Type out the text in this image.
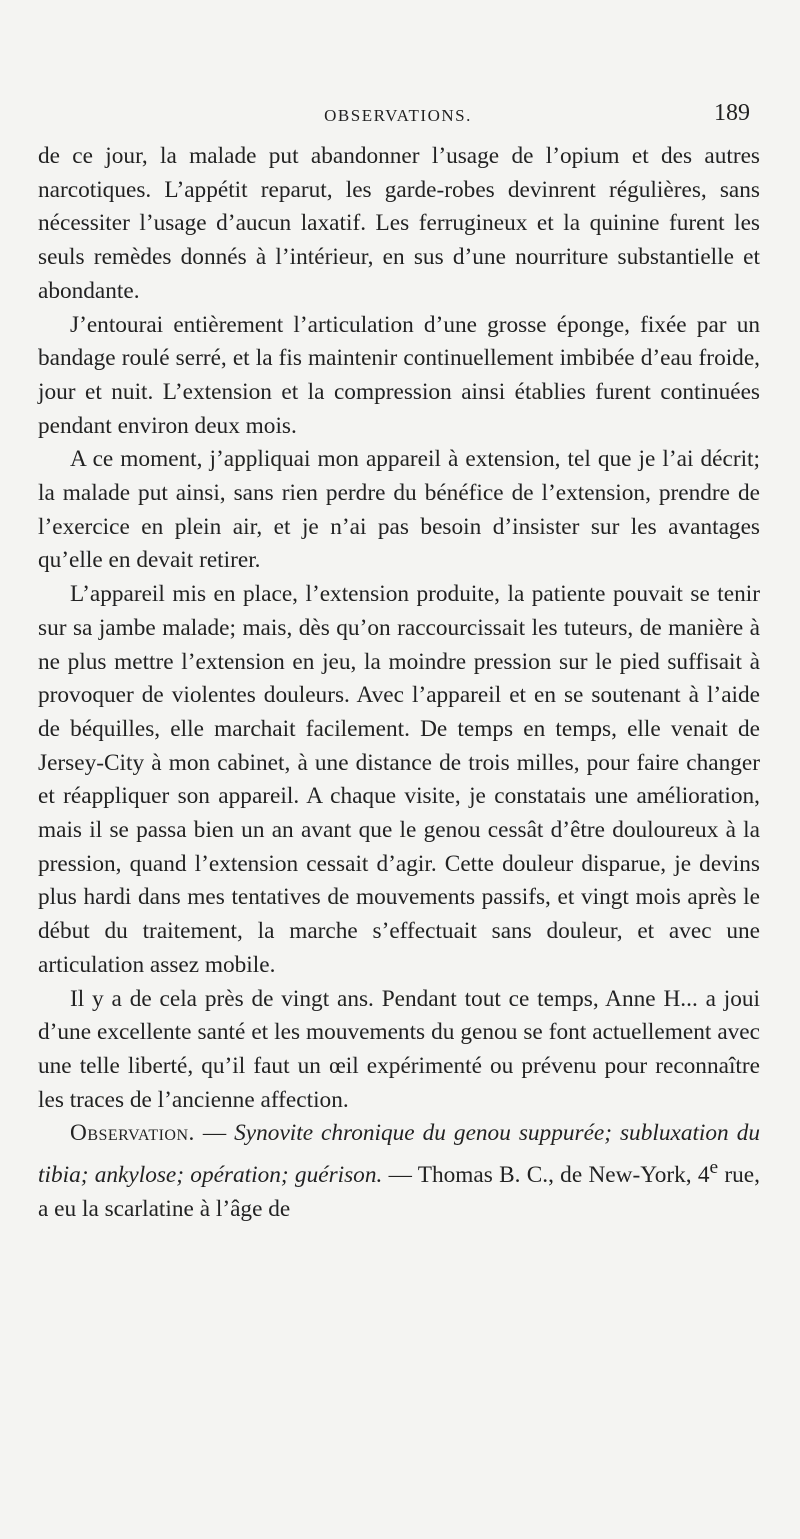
OBSERVATIONS.	189

de ce jour, la malade put abandonner l’usage de l’opium et des autres narcotiques. L’appétit reparut, les garde-robes devinrent régulières, sans nécessiter l’usage d’aucun laxatif. Les ferrugineux et la quinine furent les seuls remèdes donnés à l’intérieur, en sus d’une nourriture substantielle et abondante.

J’entourai entièrement l’articulation d’une grosse éponge, fixée par un bandage roulé serré, et la fis maintenir continuellement imbibée d’eau froide, jour et nuit. L’extension et la compression ainsi établies furent continuées pendant environ deux mois.

A ce moment, j’appliquai mon appareil à extension, tel que je l’ai décrit; la malade put ainsi, sans rien perdre du bénéfice de l’extension, prendre de l’exercice en plein air, et je n’ai pas besoin d’insister sur les avantages qu’elle en devait retirer.

L’appareil mis en place, l’extension produite, la patiente pouvait se tenir sur sa jambe malade; mais, dès qu’on raccourcissait les tuteurs, de manière à ne plus mettre l’extension en jeu, la moindre pression sur le pied suffisait à provoquer de violentes douleurs. Avec l’appareil et en se soutenant à l’aide de béquilles, elle marchait facilement. De temps en temps, elle venait de Jersey-City à mon cabinet, à une distance de trois milles, pour faire changer et réappliquer son appareil. A chaque visite, je constatais une amélioration, mais il se passa bien un an avant que le genou cessât d’être douloureux à la pression, quand l’extension cessait d’agir. Cette douleur disparue, je devins plus hardi dans mes tentatives de mouvements passifs, et vingt mois après le début du traitement, la marche s’effectuait sans douleur, et avec une articulation assez mobile.

Il y a de cela près de vingt ans. Pendant tout ce temps, Anne H... a joui d’une excellente santé et les mouvements du genou se font actuellement avec une telle liberté, qu’il faut un œil expérimenté ou prévenu pour reconnaître les traces de l’ancienne affection.

Observation. — Synovite chronique du genou suppurée; subluxation du tibia; ankylose; opération; guérison. — Thomas B. C., de New-York, 4e rue, a eu la scarlatine à l’âge de
